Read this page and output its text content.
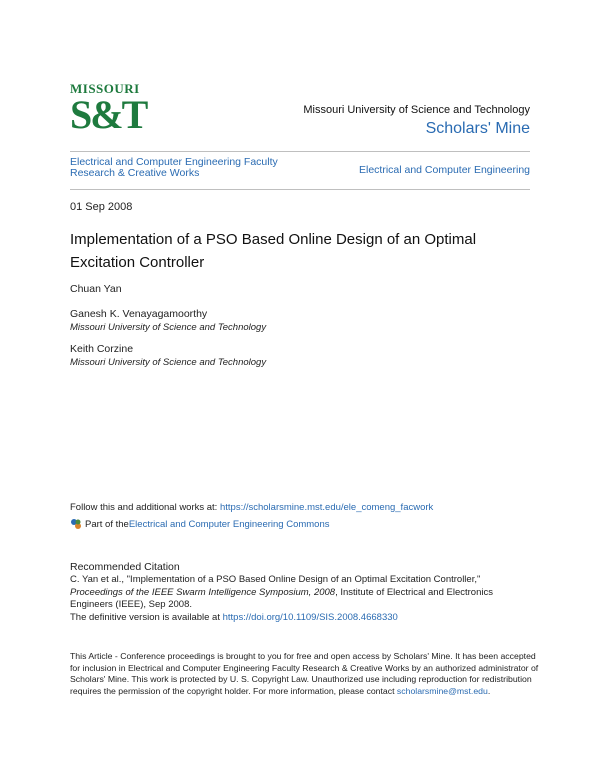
MISSOURI
S&T	Missouri University of Science and Technology
Scholars' Mine
Electrical and Computer Engineering Faculty Research & Creative Works	Electrical and Computer Engineering
01 Sep 2008
Implementation of a PSO Based Online Design of an Optimal Excitation Controller
Chuan Yan
Ganesh K. Venayagamoorthy
Missouri University of Science and Technology
Keith Corzine
Missouri University of Science and Technology
Follow this and additional works at: https://scholarsmine.mst.edu/ele_comeng_facwork
Part of the Electrical and Computer Engineering Commons
Recommended Citation
C. Yan et al., "Implementation of a PSO Based Online Design of an Optimal Excitation Controller,"
Proceedings of the IEEE Swarm Intelligence Symposium, 2008, Institute of Electrical and Electronics
Engineers (IEEE), Sep 2008.
The definitive version is available at https://doi.org/10.1109/SIS.2008.4668330
This Article - Conference proceedings is brought to you for free and open access by Scholars' Mine. It has been accepted for inclusion in Electrical and Computer Engineering Faculty Research & Creative Works by an authorized administrator of Scholars' Mine. This work is protected by U. S. Copyright Law. Unauthorized use including reproduction for redistribution requires the permission of the copyright holder. For more information, please contact scholarsmine@mst.edu.
